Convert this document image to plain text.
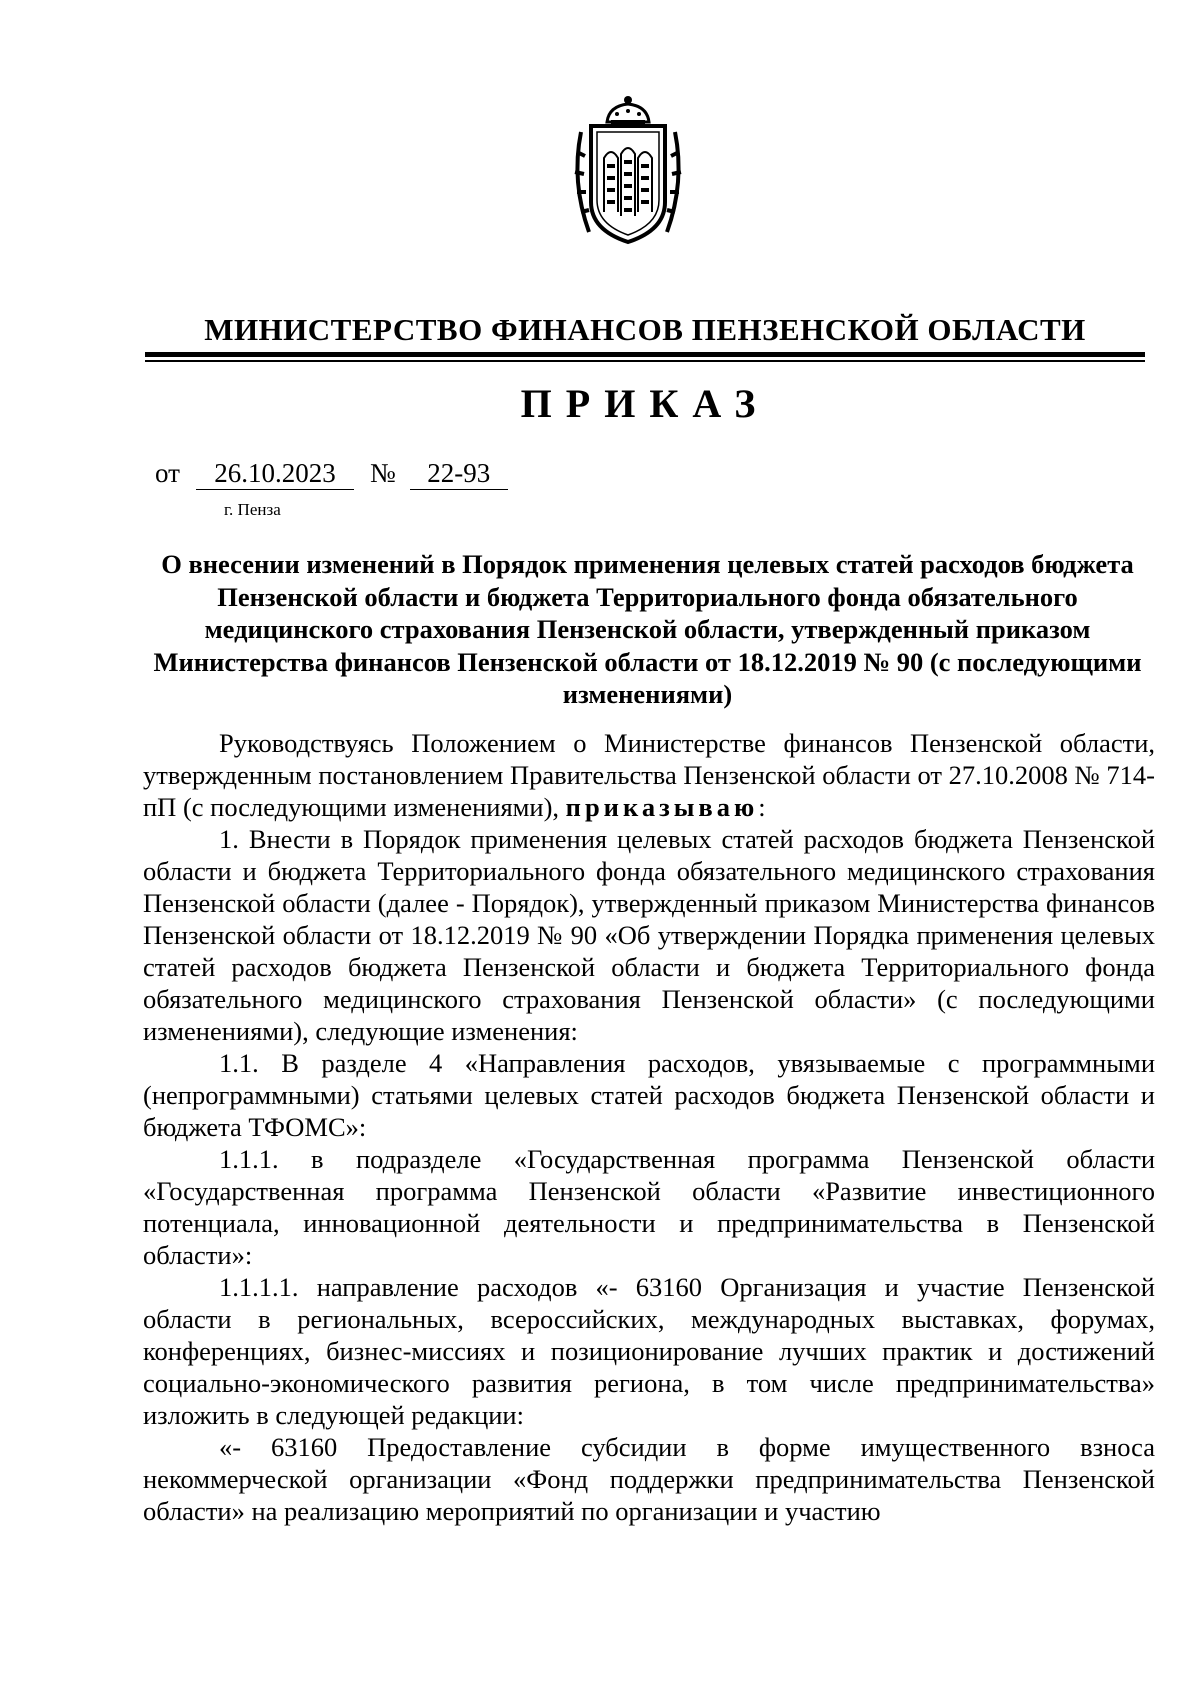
МИНИСТЕРСТВО ФИНАНСОВ ПЕНЗЕНСКОЙ ОБЛАСТИ
ПРИКАЗ
от 26.10.2023 № 22-93
г. Пенза
О внесении изменений в Порядок применения целевых статей расходов бюджета Пензенской области и бюджета Территориального фонда обязательного медицинского страхования Пензенской области, утвержденный приказом Министерства финансов Пензенской области от 18.12.2019 № 90 (с последующими изменениями)

Руководствуясь Положением о Министерстве финансов Пензенской области, утвержденным постановлением Правительства Пензенской области от 27.10.2008 № 714-пП (с последующими изменениями), приказываю:

1. Внести в Порядок применения целевых статей расходов бюджета Пензенской области и бюджета Территориального фонда обязательного медицинского страхования Пензенской области (далее - Порядок), утвержденный приказом Министерства финансов Пензенской области от 18.12.2019 № 90 «Об утверждении Порядка применения целевых статей расходов бюджета Пензенской области и бюджета Территориального фонда обязательного медицинского страхования Пензенской области» (с последующими изменениями), следующие изменения:

1.1. В разделе 4 «Направления расходов, увязываемые с программными (непрограммными) статьями целевых статей расходов бюджета Пензенской области и бюджета ТФОМС»:

1.1.1. в подразделе «Государственная программа Пензенской области «Государственная программа Пензенской области «Развитие инвестиционного потенциала, инновационной деятельности и предпринимательства в Пензенской области»:

1.1.1.1. направление расходов «- 63160 Организация и участие Пензенской области в региональных, всероссийских, международных выставках, форумах, конференциях, бизнес-миссиях и позиционирование лучших практик и достижений социально-экономического развития региона, в том числе предпринимательства» изложить в следующей редакции:

«- 63160 Предоставление субсидии в форме имущественного взноса некоммерческой организации «Фонд поддержки предпринимательства Пензенской области» на реализацию мероприятий по организации и участию
